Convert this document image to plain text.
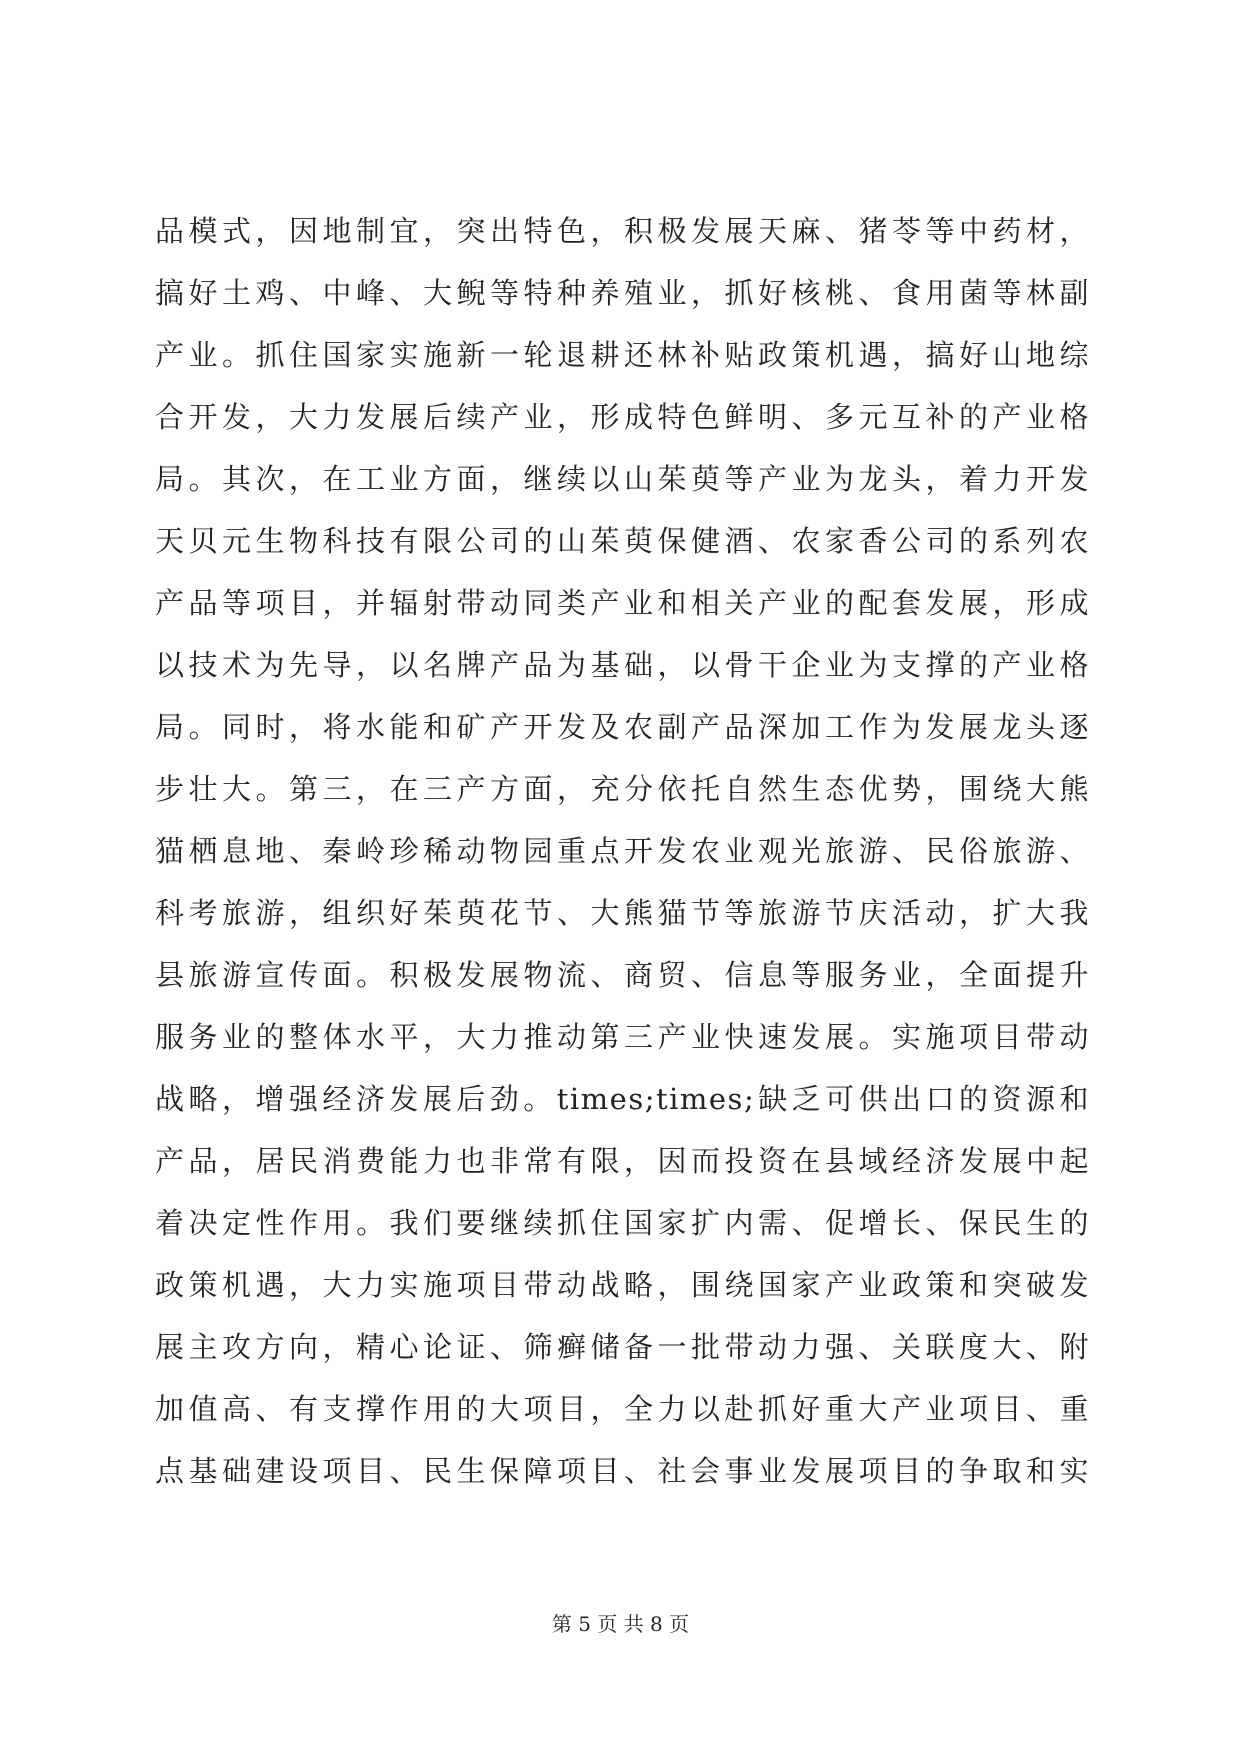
品模式，因地制宜，突出特色，积极发展天麻、猪苓等中药材，
搞好土鸡、中峰、大鲵等特种养殖业，抓好核桃、食用菌等林副
产业。抓住国家实施新一轮退耕还林补贴政策机遇，搞好山地综
合开发，大力发展后续产业，形成特色鲜明、多元互补的产业格
局。其次，在工业方面，继续以山茱萸等产业为龙头，着力开发
天贝元生物科技有限公司的山茱萸保健酒、农家香公司的系列农
产品等项目，并辐射带动同类产业和相关产业的配套发展，形成
以技术为先导，以名牌产品为基础，以骨干企业为支撑的产业格
局。同时，将水能和矿产开发及农副产品深加工作为发展龙头逐
步壮大。第三，在三产方面，充分依托自然生态优势，围绕大熊
猫栖息地、秦岭珍稀动物园重点开发农业观光旅游、民俗旅游、
科考旅游，组织好茱萸花节、大熊猫节等旅游节庆活动，扩大我
县旅游宣传面。积极发展物流、商贸、信息等服务业，全面提升
服务业的整体水平，大力推动第三产业快速发展。实施项目带动
战略，增强经济发展后劲。times;times;缺乏可供出口的资源和
产品，居民消费能力也非常有限，因而投资在县域经济发展中起
着决定性作用。我们要继续抓住国家扩内需、促增长、保民生的
政策机遇，大力实施项目带动战略，围绕国家产业政策和突破发
展主攻方向，精心论证、筛癣储备一批带动力强、关联度大、附
加值高、有支撑作用的大项目，全力以赴抓好重大产业项目、重
点基础建设项目、民生保障项目、社会事业发展项目的争取和实
第 5 页 共 8 页
